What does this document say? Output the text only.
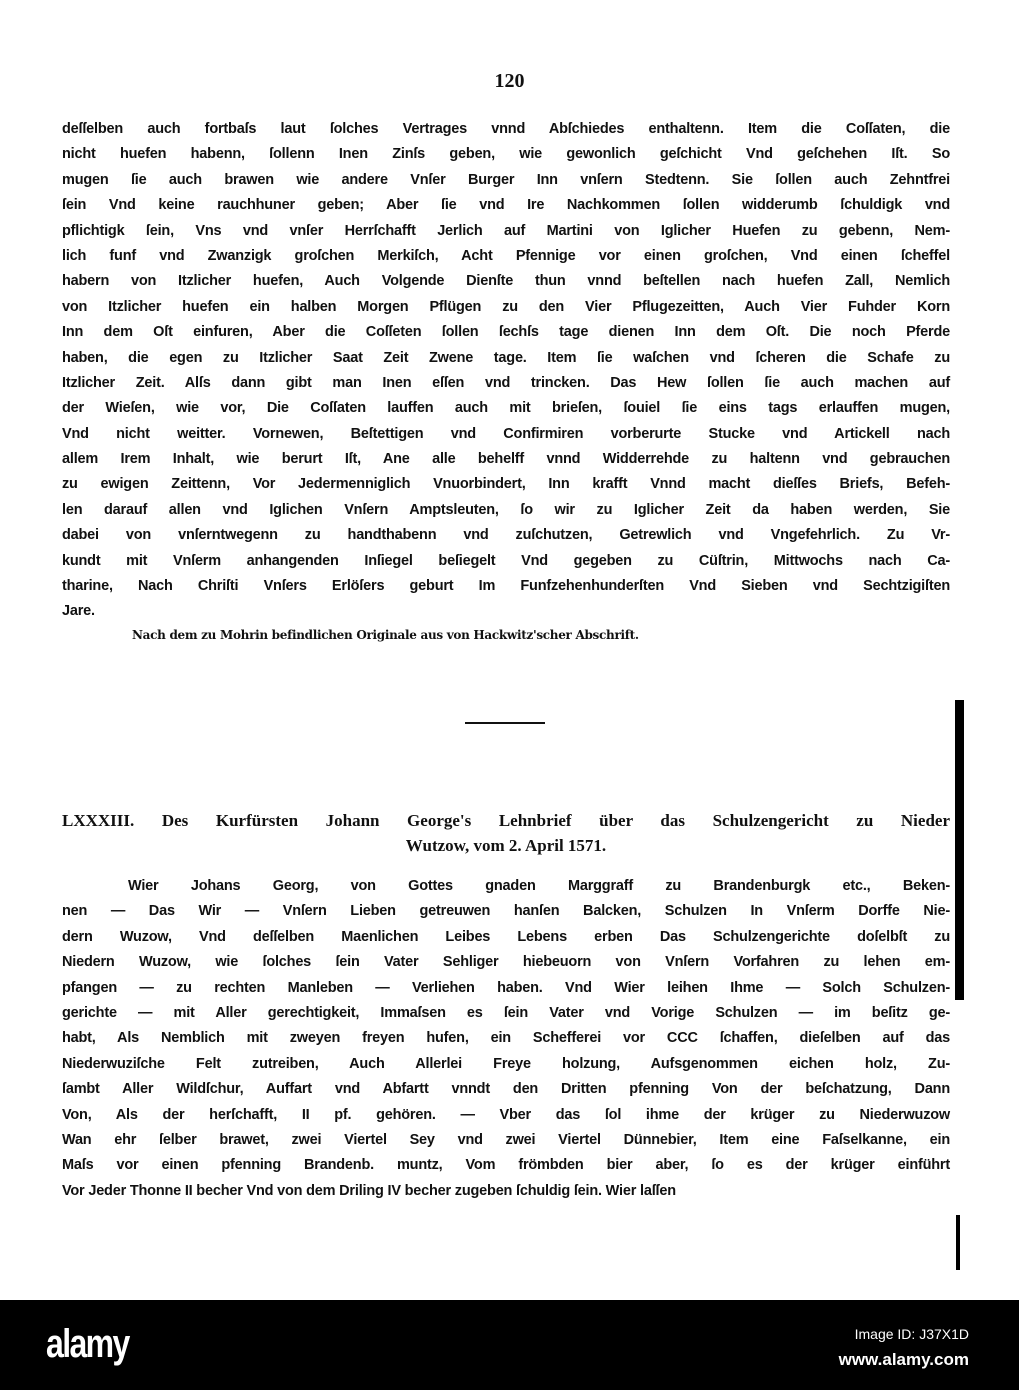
120
deſſelben auch fortbaſs laut ſolches Vertrages vnnd Abſchiedes enthaltenn. Item die Coſſaten, die
nicht huefen habenn, ſollenn Inen Zinſs geben, wie gewonlich geſchicht Vnd geſchehen Iſt. So
mugen ſie auch brawen wie andere Vnſer Burger Inn vnſern Stedtenn. Sie ſollen auch Zehntfrei
ſein Vnd keine rauchhuner geben; Aber ſie vnd Ire Nachkommen ſollen widderumb ſchuldigk vnd
pflichtigk ſein, Vns vnd vnſer Herrſchafft Jerlich auf Martini von Iglicher Huefen zu gebenn, Nem-
lich funf vnd Zwanzigk groſchen Merkiſch, Acht Pfennige vor einen groſchen, Vnd einen ſcheffel
habern von Itzlicher huefen, Auch Volgende Dienſte thun vnnd beſtellen nach huefen Zall, Nemlich
von Itzlicher huefen ein halben Morgen Pflügen zu den Vier Pflugezeitten, Auch Vier Fuhder Korn
Inn dem Oſt einfuren, Aber die Coſſeten ſollen ſechſs tage dienen Inn dem Oſt. Die noch Pferde
haben, die egen zu Itzlicher Saat Zeit Zwene tage. Item ſie waſchen vnd ſcheren die Schafe zu
Itzlicher Zeit. Alſs dann gibt man Inen eſſen vnd trincken. Das Hew ſollen ſie auch machen auf
der Wieſen, wie vor, Die Coſſaten lauffen auch mit brieſen, ſouiel ſie eins tags erlauffen mugen,
Vnd nicht weitter. Vornewen, Beſtettigen vnd Confirmiren vorberurte Stucke vnd Artickell nach
allem Irem Inhalt, wie berurt Iſt, Ane alle behelff vnnd Widderrehde zu haltenn vnd gebrauchen
zu ewigen Zeittenn, Vor Jedermenniglich Vnuorbindert, Inn krafft Vnnd macht dieſſes Briefs, Befeh-
len darauf allen vnd Iglichen Vnſern Amptsleuten, ſo wir zu Iglicher Zeit da haben werden, Sie
dabei von vnſerntwegenn zu handthabenn vnd zuſchutzen, Getrewlich vnd Vngefehrlich. Zu Vr-
kundt mit Vnſerm anhangenden Inſiegel beſiegelt Vnd gegeben zu Cüſtrin, Mittwochs nach Ca-
tharine, Nach Chriſti Vnſers Erlöſers geburt Im Funfzehenhunderſten Vnd Sieben vnd Sechtzigiſten
Jare.
Nach dem zu Mohrin befindlichen Originale aus von Hackwitz'scher Abschrift.
LXXXIII. Des Kurfürsten Johann George's Lehnbrief über das Schulzengericht zu Nieder
Wutzow, vom 2. April 1571.
Wier Johans Georg, von Gottes gnaden Marggraff zu Brandenburgk etc., Beken-
nen — Das Wir — Vnſern Lieben getreuwen hanſen Balcken, Schulzen In Vnſerm Dorffe Nie-
dern Wuzow, Vnd deſſelben Maenlichen Leibes Lebens erben Das Schulzengerichte doſelbſt zu
Niedern Wuzow, wie ſolches ſein Vater Sehliger hiebeuorn von Vnſern Vorfahren zu lehen em-
pfangen — zu rechten Manleben — Verliehen haben. Vnd Wier leihen Ihme — Solch Schulzen-
gerichte — mit Aller gerechtigkeit, Immaſsen es ſein Vater vnd Vorige Schulzen — im beſitz ge-
habt, Als Nemblich mit zweyen freyen hufen, ein Schefferei vor CCC ſchaffen, dieſelben auf das
Niederwuziſche Felt zutreiben, Auch Allerlei Freye holzung, Aufsgenommen eichen holz, Zu-
ſambt Aller Wildſchur, Auffart vnd Abfartt vnndt den Dritten pfenning Von der beſchatzung, Dann
Von, Als der herſchafft, II pf. gehören. — Vber das ſol ihme der krüger zu Niederwuzow
Wan ehr ſelber brawet, zwei Viertel Sey vnd zwei Viertel Dünnebier, Item eine Faſselkanne, ein
Maſs vor einen pfenning Brandenb. muntz, Vom frömbden bier aber, ſo es der krüger einführt
Vor Jeder Thonne II becher Vnd von dem Driling IV becher zugeben ſchuldig ſein. Wier laſſen
alamy	Image ID: J37X1D
www.alamy.com
